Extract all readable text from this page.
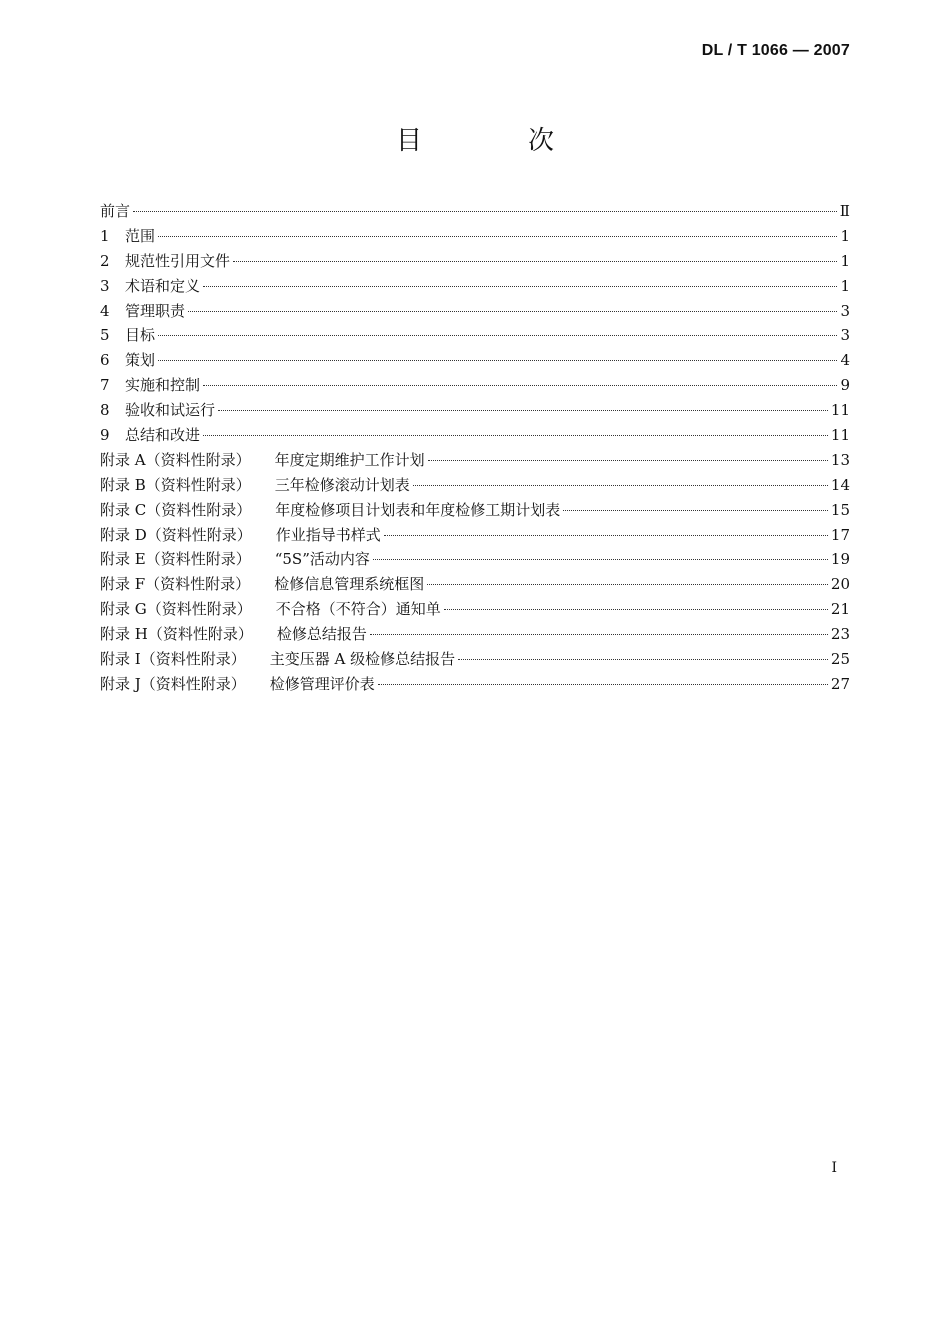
DL / T 1066 — 2007
目　次
前言	Ⅱ
1	范围	1
2	规范性引用文件	1
3	术语和定义	1
4	管理职责	3
5	目标	3
6	策划	4
7	实施和控制	9
8	验收和试运行	11
9	总结和改进	11
附录 A（资料性附录） 年度定期维护工作计划	13
附录 B（资料性附录） 三年检修滚动计划表	14
附录 C（资料性附录） 年度检修项目计划表和年度检修工期计划表	15
附录 D（资料性附录） 作业指导书样式	17
附录 E（资料性附录） “5S”活动内容	19
附录 F（资料性附录） 检修信息管理系统框图	20
附录 G（资料性附录） 不合格（不符合）通知单	21
附录 H（资料性附录） 检修总结报告	23
附录 I（资料性附录） 主变压器 A 级检修总结报告	25
附录 J（资料性附录） 检修管理评价表	27
I
